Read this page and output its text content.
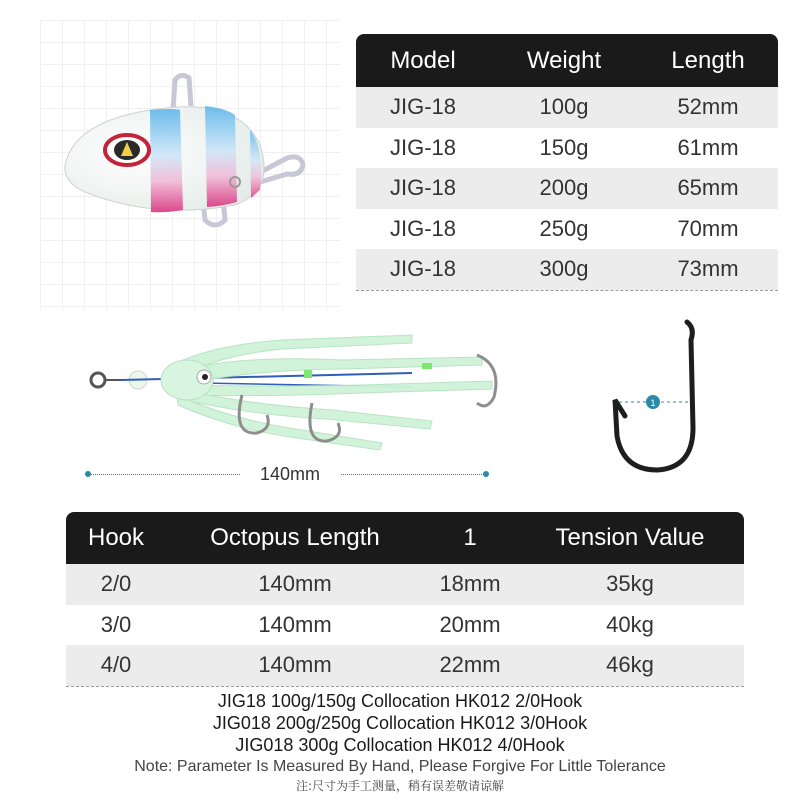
1
Model	Weight	Length
JIG-18	100g	52mm
JIG-18	150g	61mm
JIG-18	200g	65mm
JIG-18	250g	70mm
JIG-18	300g	73mm
140mm
Hook	Octopus Length	1	Tension Value
2/0	140mm	18mm	35kg
3/0	140mm	20mm	40kg
4/0	140mm	22mm	46kg
JIG18 100g/150g Collocation HK012 2/0Hook
JIG018 200g/250g Collocation HK012 3/0Hook
JIG018 300g Collocation HK012 4/0Hook
Note: Parameter Is Measured By Hand, Please Forgive For Little Tolerance
注:尺寸为手工测量，稍有误差敬请谅解
